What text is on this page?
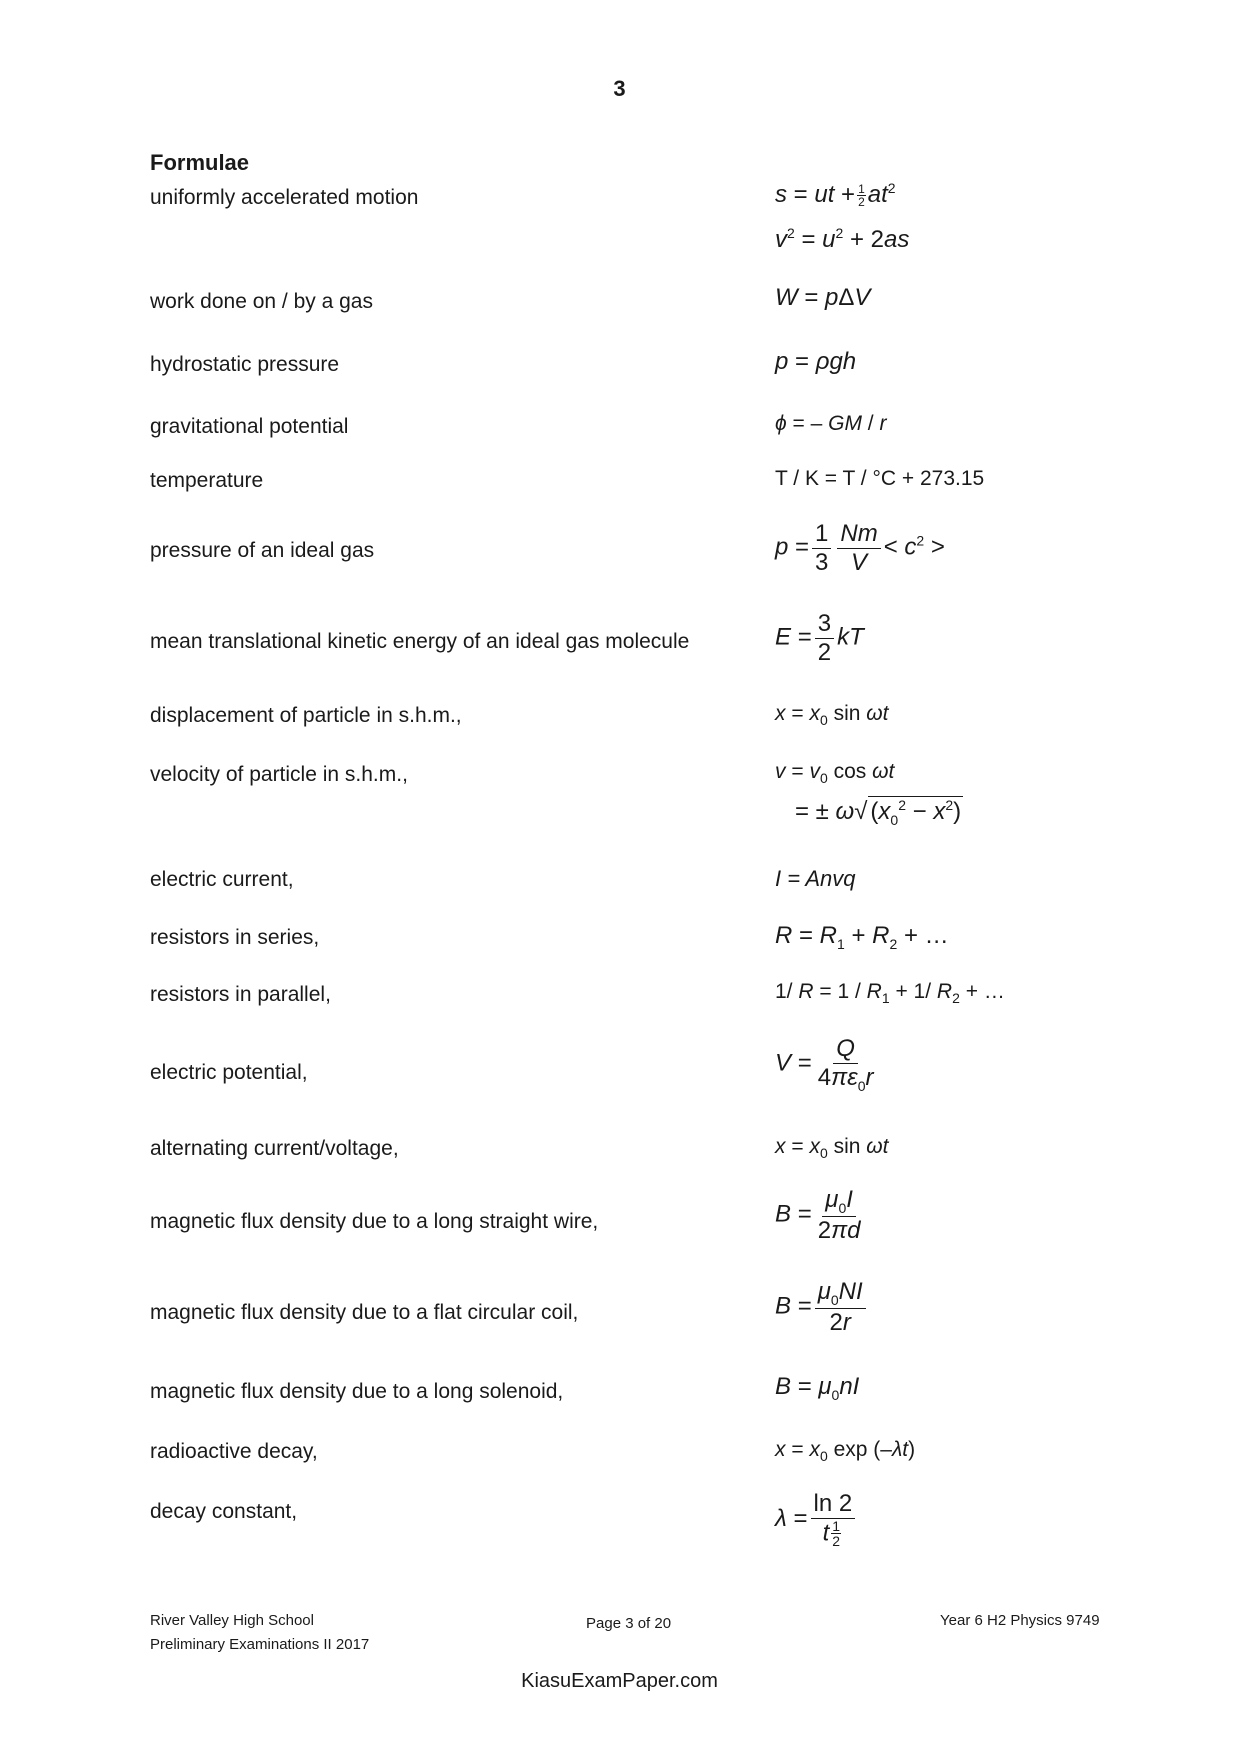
3
Formulae
uniformly accelerated motion
work done on / by a gas
hydrostatic pressure
gravitational potential
temperature
pressure of an ideal gas
mean translational kinetic energy of an ideal gas molecule
displacement of particle in s.h.m.,
velocity of particle in s.h.m.,
electric current,
resistors in series,
resistors in parallel,
electric potential,
alternating current/voltage,
magnetic flux density due to a long straight wire,
magnetic flux density due to a flat circular coil,
magnetic flux density due to a long solenoid,
radioactive decay,
decay constant,
s = ut + $\frac{1}{2} at^2$
$v^2 = u^2 + 2as$
W = pΔV
p = ρgh
ϕ = – GM / r
T / K = T / °C + 273.15
$p = \frac{1}{3} \frac{Nm}{V} < c^2$ >
$E = \frac{3}{2}$ kT
$x = x_0$ sin ωt
$v = v_0$ cos ωt
= ± ω√ $(x_0^2 - x^2)$
I = Anvq
$R = R_1 + R_2$ + …
1/ $R = 1 / R_1 + 1/$ $R_2$ + …
$V = \frac{Q}{4\pi\varepsilon_0r}$
$x = x_0$ sin ωt
$B = \frac{\mu_0I}{2\pi d}$
$B = \frac{\mu_0NI}{2r}$
$B = \mu_0nI$
$x = x_0$ exp (–λt)
$\lambda = \frac{\ln 2}{t \frac{1}{2}}$
River Valley High School
Preliminary Examinations II 2017
Page 3 of 20	Year 6 H2 Physics 9749
KiasuExamPaper.com
